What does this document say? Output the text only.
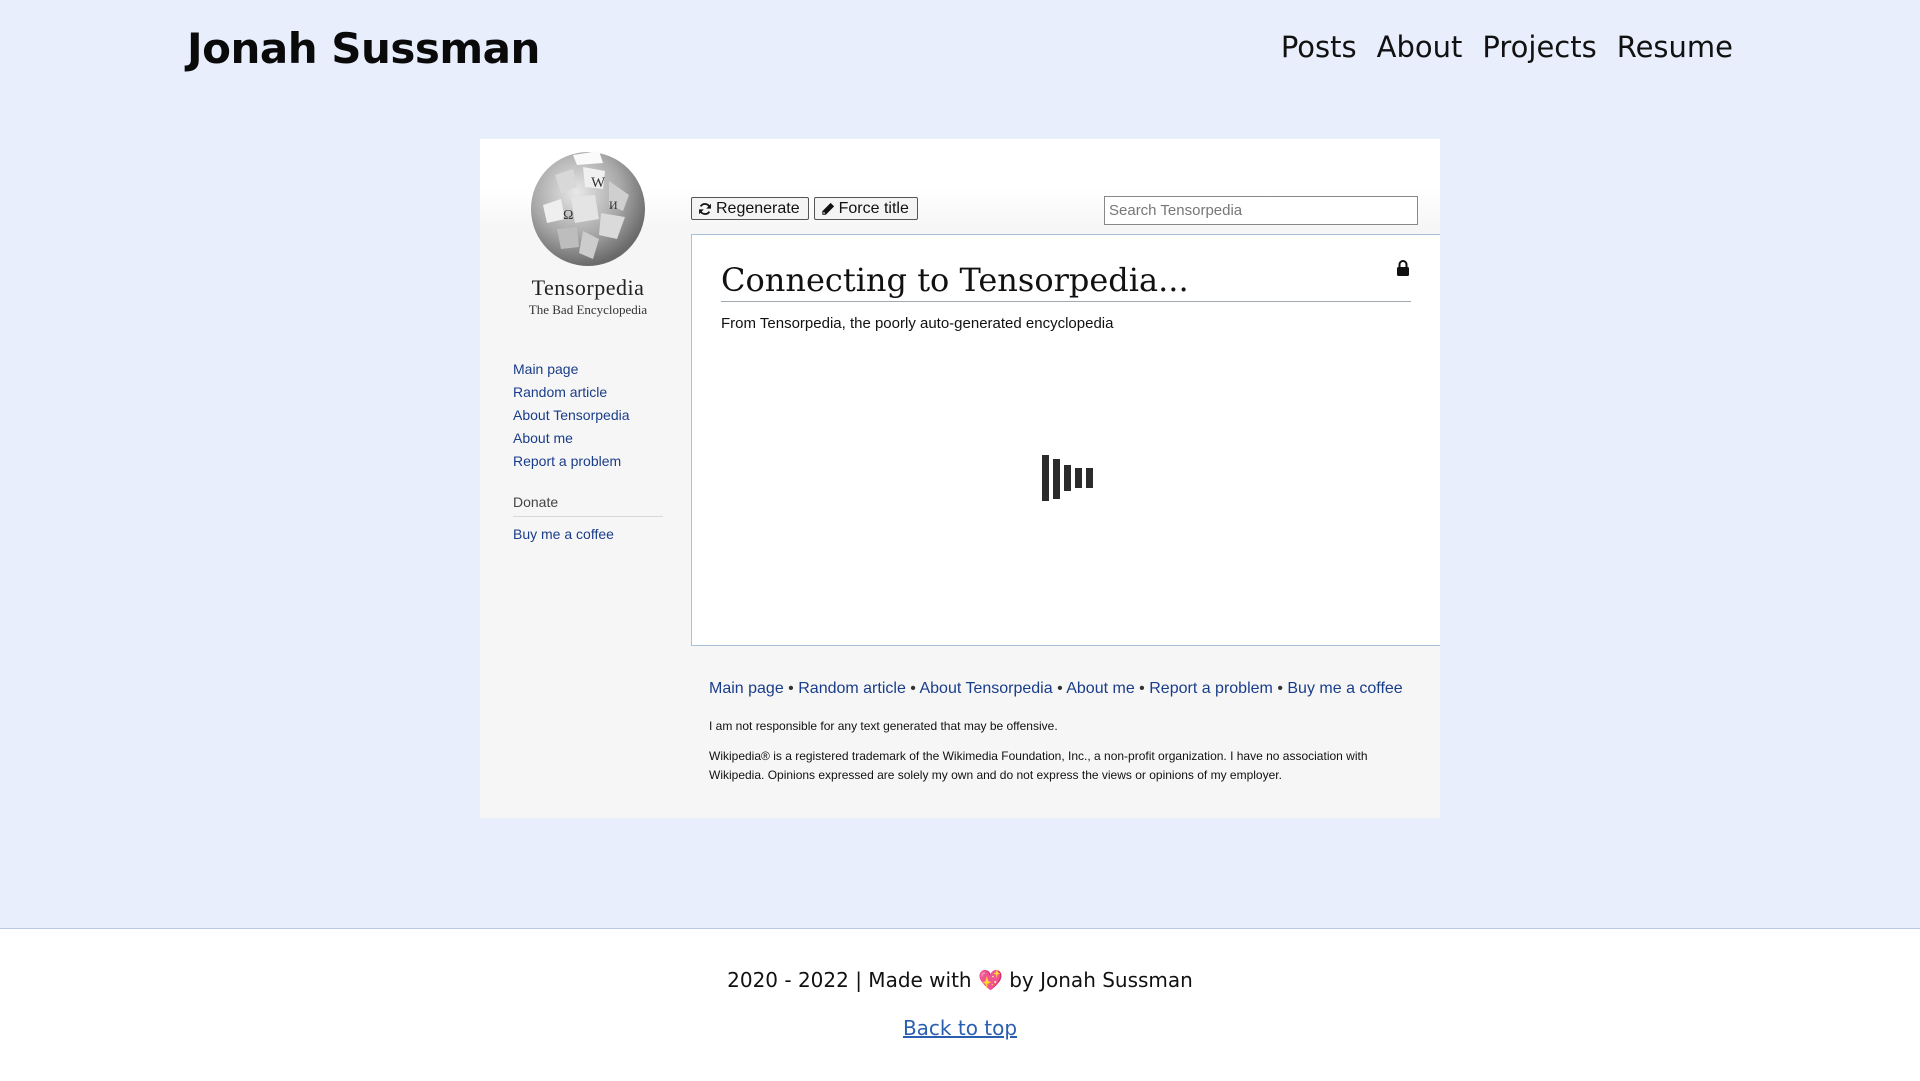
Jonah Sussman	Posts About Projects Resume
W
Ω
И
Tensorpedia
The Bad Encyclopedia
Main page
Random article
About Tensorpedia
About me
Report a problem
Donate
Buy me a coffee
Regenerate Force title
Search Tensorpedia
Connecting to Tensorpedia...
From Tensorpedia, the poorly auto-generated encyclopedia
Main page • Random article • About Tensorpedia • About me • Report a problem • Buy me a coffee
I am not responsible for any text generated that may be offensive.
Wikipedia® is a registered trademark of the Wikimedia Foundation, Inc., a non-profit organization. I have no association with Wikipedia. Opinions expressed are solely my own and do not express the views or opinions of my employer.
2020 - 2022 | Made with 💖 by Jonah Sussman
Back to top
